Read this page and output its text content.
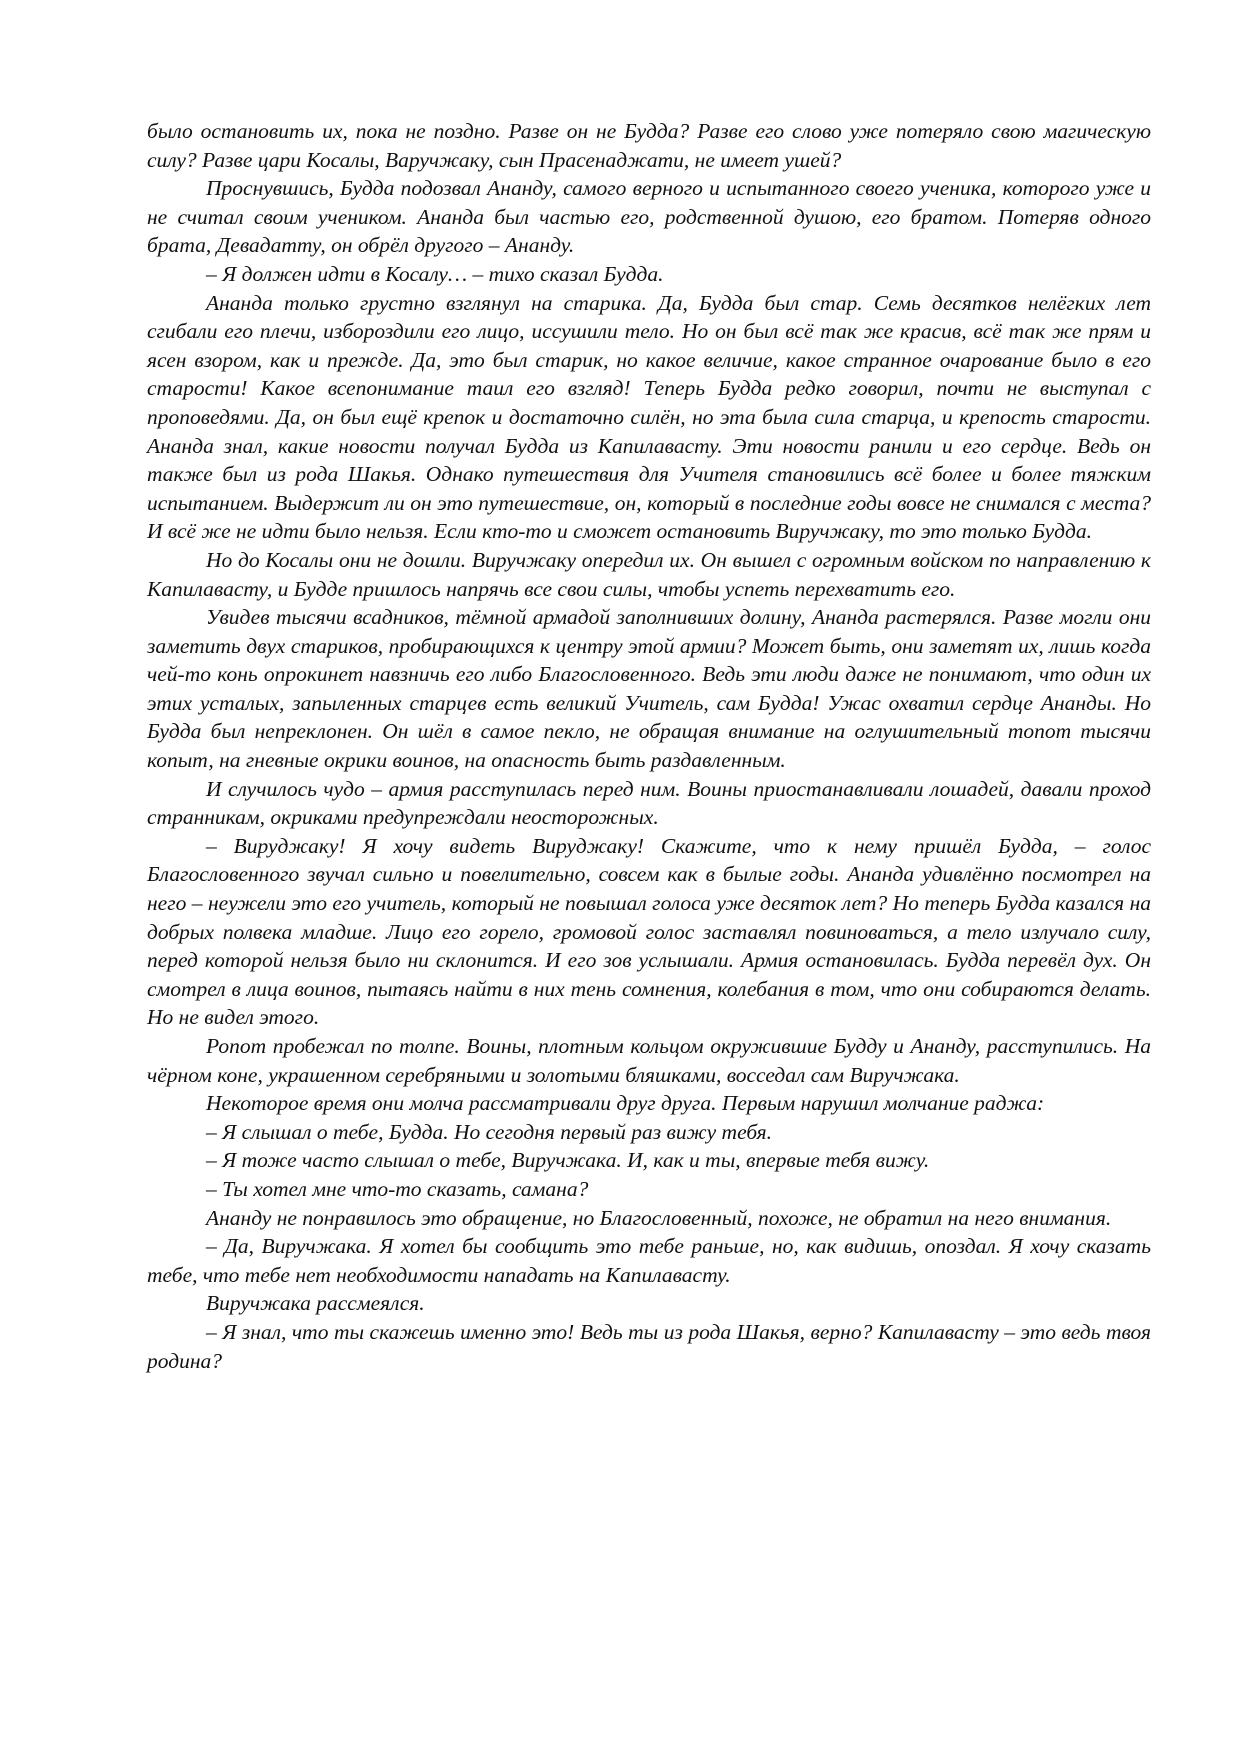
было остановить их, пока не поздно. Разве он не Будда? Разве его слово уже потеряло свою магическую силу? Разве цари Косалы, Варучжаку, сын Прасенаджати, не имеет ушей?

Проснувшись, Будда подозвал Ананду, самого верного и испытанного своего ученика, которого уже и не считал своим учеником. Ананда был частью его, родственной душою, его братом. Потеряв одного брата, Девадатту, он обрёл другого – Ананду.

– Я должен идти в Косалу… – тихо сказал Будда.

Ананда только грустно взглянул на старика. Да, Будда был стар. Семь десятков нелёгких лет сгибали его плечи, избороздили его лицо, иссушили тело. Но он был всё так же красив, всё так же прям и ясен взором, как и прежде. Да, это был старик, но какое величие, какое странное очарование было в его старости! Какое всепонимание таил его взгляд! Теперь Будда редко говорил, почти не выступал с проповедями. Да, он был ещё крепок и достаточно силён, но эта была сила старца, и крепость старости. Ананда знал, какие новости получал Будда из Капилавасту. Эти новости ранили и его сердце. Ведь он также был из рода Шакья. Однако путешествия для Учителя становились всё более и более тяжким испытанием. Выдержит ли он это путешествие, он, который в последние годы вовсе не снимался с места? И всё же не идти было нельзя. Если кто-то и сможет остановить Виручжаку, то это только Будда.

Но до Косалы они не дошли. Виручжаку опередил их. Он вышел с огромным войском по направлению к Капилавасту, и Будде пришлось напрячь все свои силы, чтобы успеть перехватить его.

Увидев тысячи всадников, тёмной армадой заполнивших долину, Ананда растерялся. Разве могли они заметить двух стариков, пробирающихся к центру этой армии? Может быть, они заметят их, лишь когда чей-то конь опрокинет навзничь его либо Благословенного. Ведь эти люди даже не понимают, что один их этих усталых, запыленных старцев есть великий Учитель, сам Будда! Ужас охватил сердце Ананды. Но Будда был непреклонен. Он шёл в самое пекло, не обращая внимание на оглушительный топот тысячи копыт, на гневные окрики воинов, на опасность быть раздавленным.

И случилось чудо – армия расступилась перед ним. Воины приостанавливали лошадей, давали проход странникам, окриками предупреждали неосторожных.

– Вируджаку! Я хочу видеть Вируджаку! Скажите, что к нему пришёл Будда, – голос Благословенного звучал сильно и повелительно, совсем как в былые годы. Ананда удивлённо посмотрел на него – неужели это его учитель, который не повышал голоса уже десяток лет? Но теперь Будда казался на добрых полвека младше. Лицо его горело, громовой голос заставлял повиноваться, а тело излучало силу, перед которой нельзя было ни склонится. И его зов услышали. Армия остановилась. Будда перевёл дух. Он смотрел в лица воинов, пытаясь найти в них тень сомнения, колебания в том, что они собираются делать. Но не видел этого.

Ропот пробежал по толпе. Воины, плотным кольцом окружившие Будду и Ананду, расступились. На чёрном коне, украшенном серебряными и золотыми бляшками, восседал сам Виручжака.

Некоторое время они молча рассматривали друг друга. Первым нарушил молчание раджа:

– Я слышал о тебе, Будда. Но сегодня первый раз вижу тебя.

– Я тоже часто слышал о тебе, Виручжака. И, как и ты, впервые тебя вижу.

– Ты хотел мне что-то сказать, самана?

Ананду не понравилось это обращение, но Благословенный, похоже, не обратил на него внимания.

– Да, Виручжака. Я хотел бы сообщить это тебе раньше, но, как видишь, опоздал. Я хочу сказать тебе, что тебе нет необходимости нападать на Капилавасту.

Виручжака рассмеялся.

– Я знал, что ты скажешь именно это! Ведь ты из рода Шакья, верно? Капилавасту – это ведь твоя родина?
